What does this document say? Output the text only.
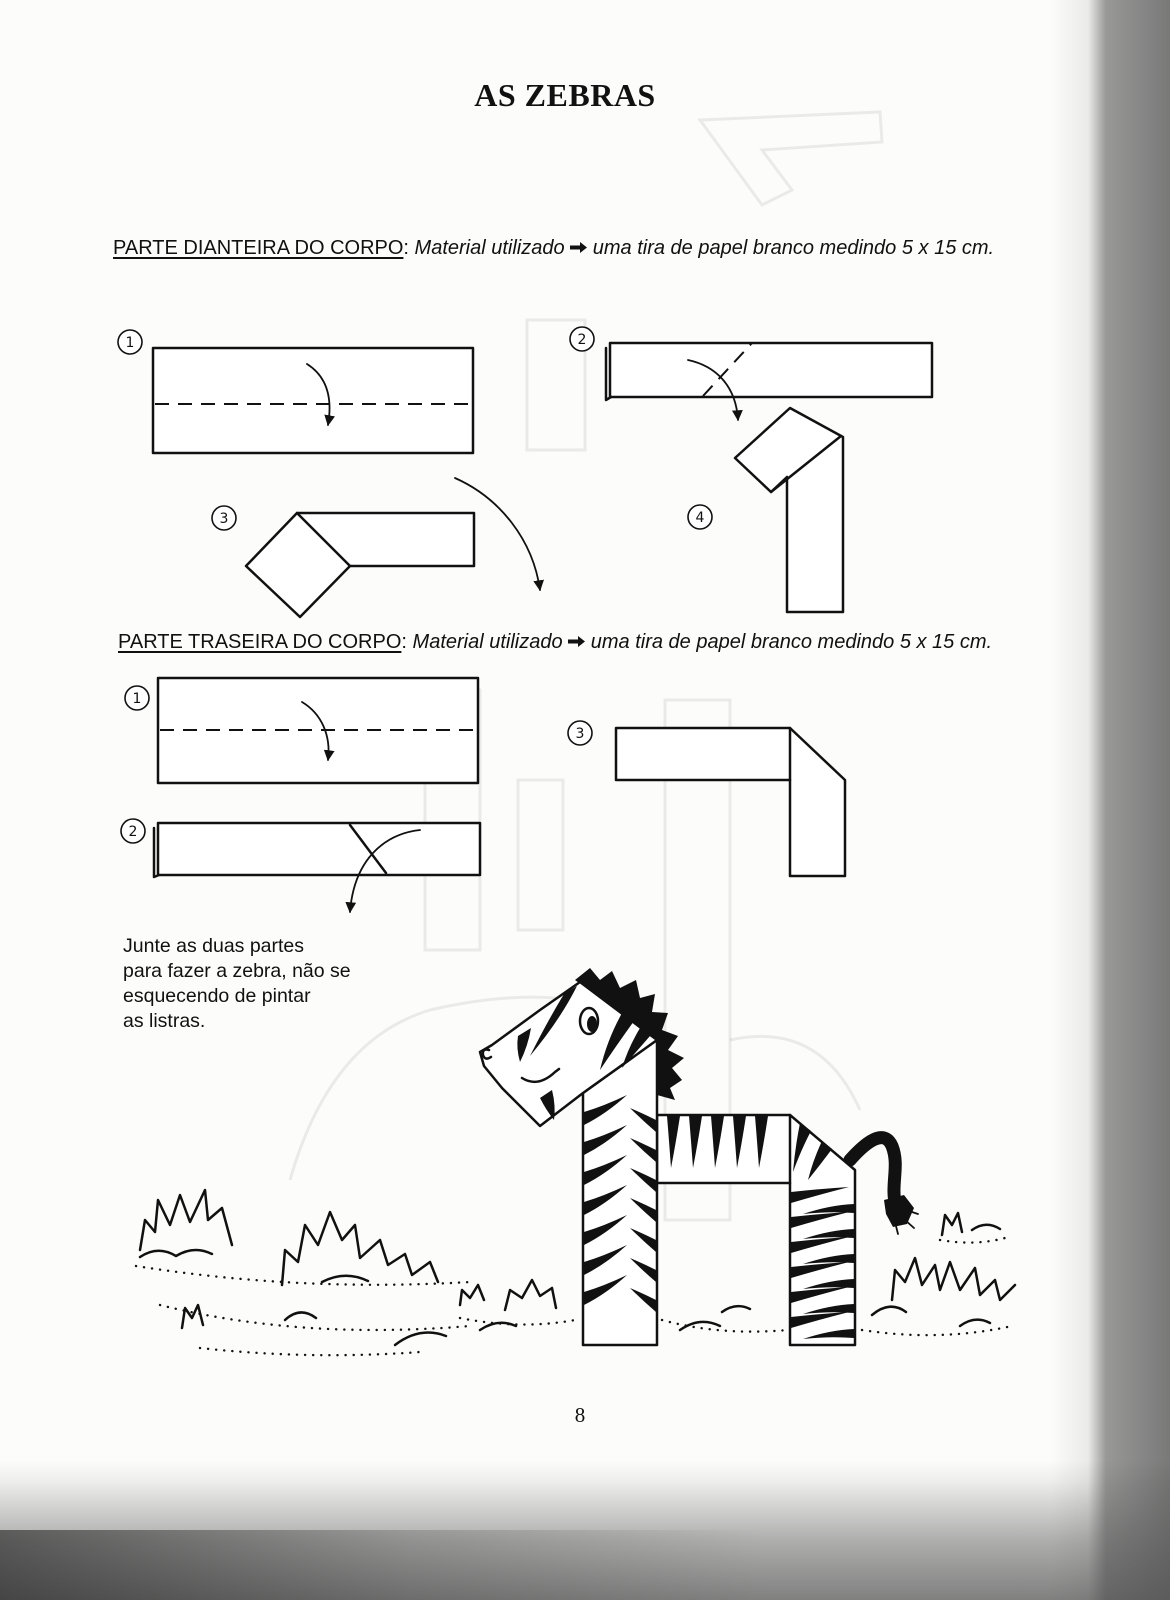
1	2
3	4
1
2
3
AS ZEBRAS
PARTE DIANTEIRA DO CORPO: Material utilizado uma tira de papel branco medindo 5 x 15 cm.
PARTE TRASEIRA DO CORPO: Material utilizado uma tira de papel branco medindo 5 x 15 cm.
Junte as duas partes
para fazer a zebra, não se
esquecendo de pintar
as listras.
8
